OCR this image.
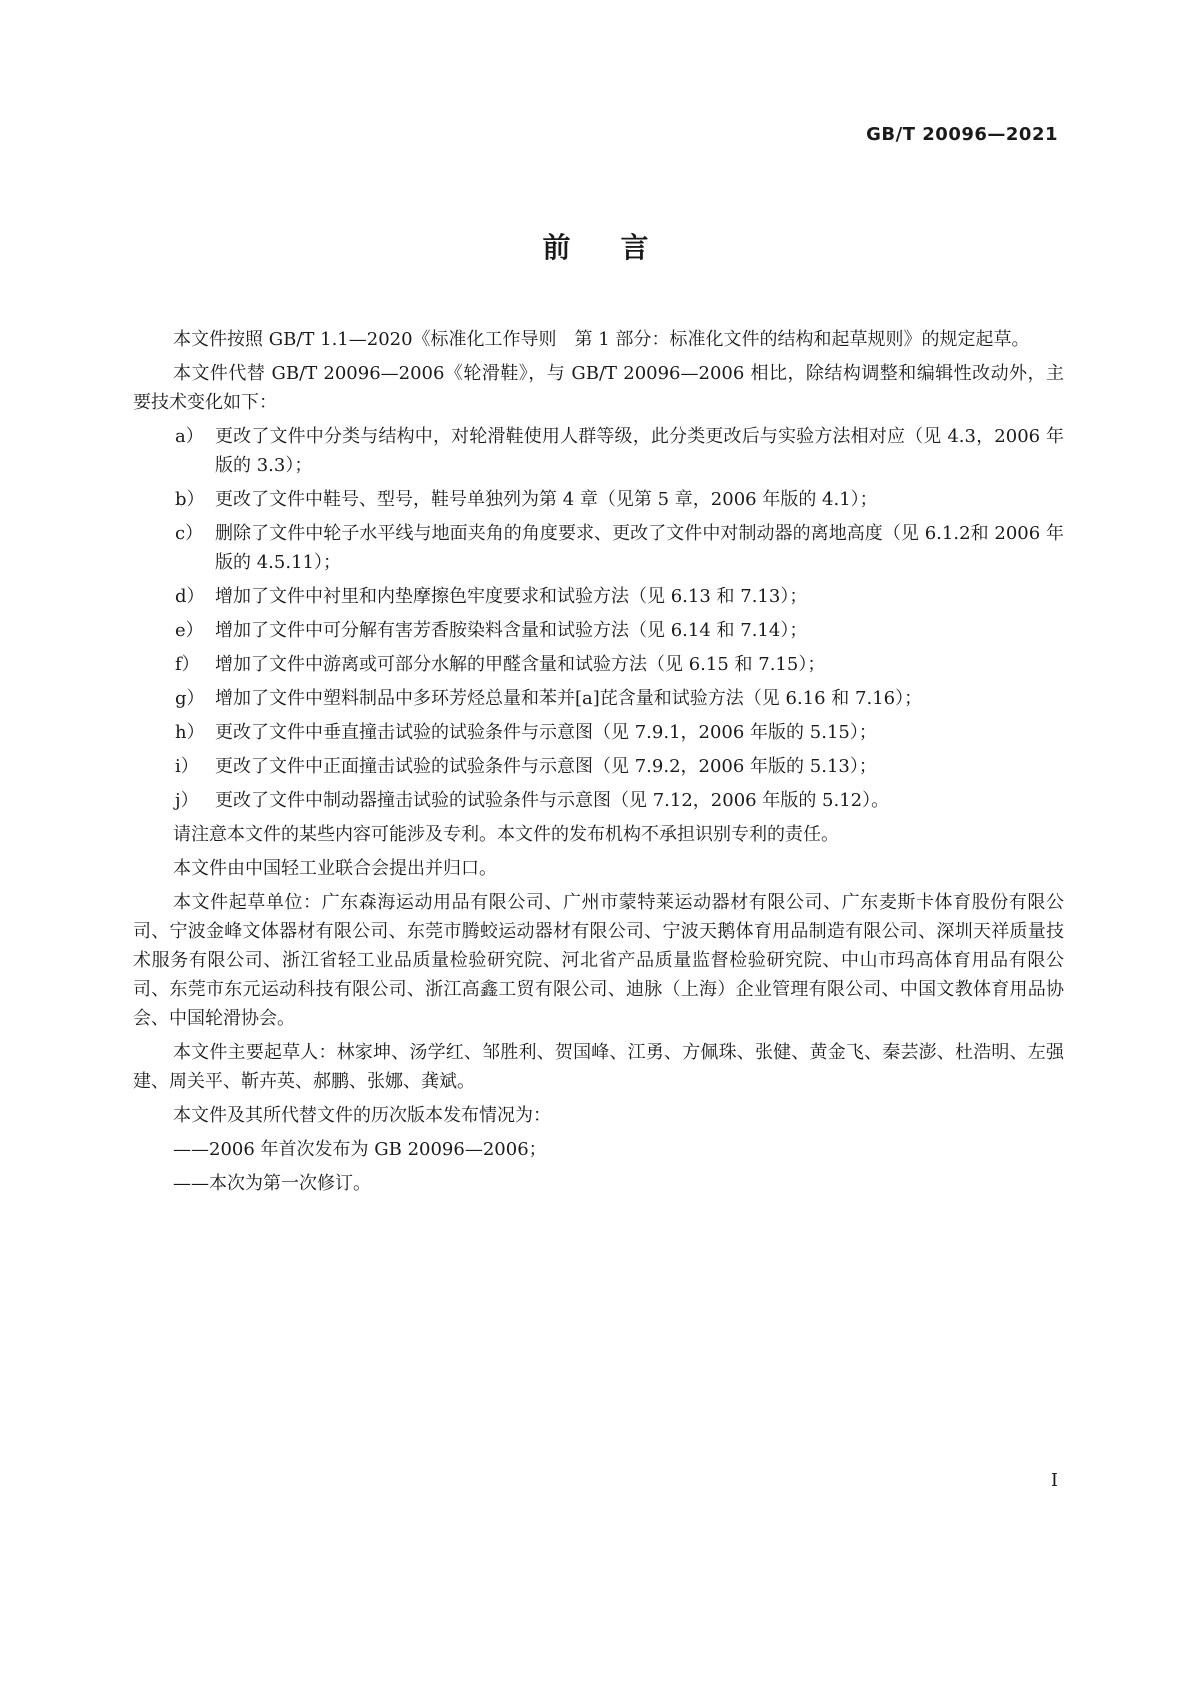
GB/T 20096—2021
前言

本文件按照 GB/T 1.1—2020《标准化工作导则　第 1 部分：标准化文件的结构和起草规则》的规定起草。

本文件代替 GB/T 20096—2006《轮滑鞋》，与 GB/T 20096—2006 相比，除结构调整和编辑性改动外，主要技术变化如下：

a） 更改了文件中分类与结构中，对轮滑鞋使用人群等级，此分类更改后与实验方法相对应（见 4.3，2006 年版的 3.3）；
b） 更改了文件中鞋号、型号，鞋号单独列为第 4 章（见第 5 章，2006 年版的 4.1）；
c） 删除了文件中轮子水平线与地面夹角的角度要求、更改了文件中对制动器的离地高度（见 6.1.2和 2006 年版的 4.5.11）；
d） 增加了文件中衬里和内垫摩擦色牢度要求和试验方法（见 6.13 和 7.13）；
e） 增加了文件中可分解有害芳香胺染料含量和试验方法（见 6.14 和 7.14）；
f） 增加了文件中游离或可部分水解的甲醛含量和试验方法（见 6.15 和 7.15）；
g） 增加了文件中塑料制品中多环芳烃总量和苯并[a]芘含量和试验方法（见 6.16 和 7.16）；
h） 更改了文件中垂直撞击试验的试验条件与示意图（见 7.9.1，2006 年版的 5.15）；
i） 更改了文件中正面撞击试验的试验条件与示意图（见 7.9.2，2006 年版的 5.13）；
j） 更改了文件中制动器撞击试验的试验条件与示意图（见 7.12，2006 年版的 5.12）。

请注意本文件的某些内容可能涉及专利。本文件的发布机构不承担识别专利的责任。

本文件由中国轻工业联合会提出并归口。

本文件起草单位：广东森海运动用品有限公司、广州市蒙特莱运动器材有限公司、广东麦斯卡体育股份有限公司、宁波金峰文体器材有限公司、东莞市腾蛟运动器材有限公司、宁波天鹅体育用品制造有限公司、深圳天祥质量技术服务有限公司、浙江省轻工业品质量检验研究院、河北省产品质量监督检验研究院、中山市玛高体育用品有限公司、东莞市东元运动科技有限公司、浙江高鑫工贸有限公司、迪脉（上海）企业管理有限公司、中国文教体育用品协会、中国轮滑协会。

本文件主要起草人：林家坤、汤学红、邹胜利、贺国峰、江勇、方佩珠、张健、黄金飞、秦芸澎、杜浩明、左强建、周关平、靳卉英、郝鹏、张娜、龚斌。

本文件及其所代替文件的历次版本发布情况为：

——2006 年首次发布为 GB 20096—2006；
——本次为第一次修订。
I
